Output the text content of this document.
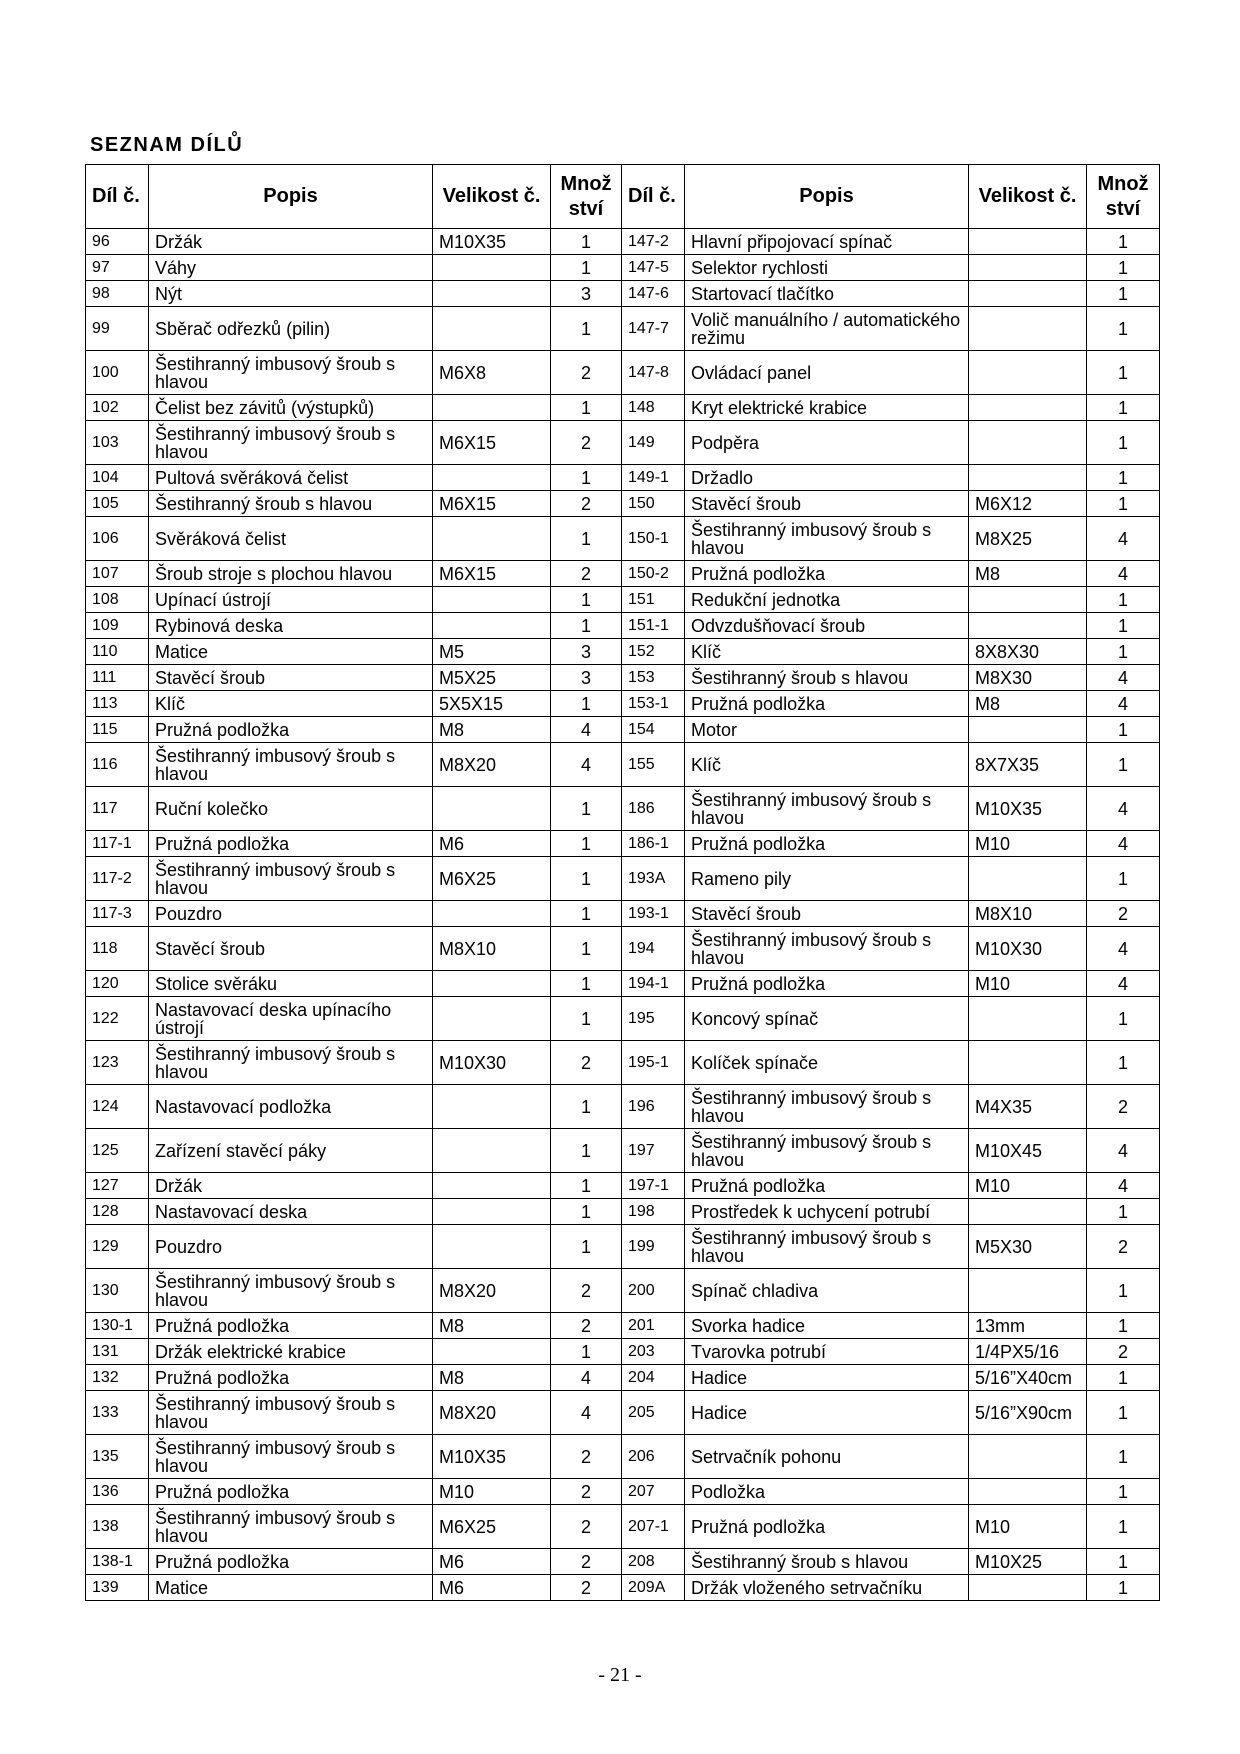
SEZNAM DÍLŮ
Díl č.	Popis	Velikost č.	Množ ství	Díl č.	Popis	Velikost č.	Množ ství
96	Držák	M10X35	1	147-2	Hlavní připojovací spínač		1
97	Váhy		1	147-5	Selektor rychlosti		1
98	Nýt		3	147-6	Startovací tlačítko		1
99	Sběrač odřezků (pilin)		1	147-7	Volič manuálního / automatického režimu		1
100	Šestihranný imbusový šroub s hlavou	M6X8	2	147-8	Ovládací panel		1
102	Čelist bez závitů (výstupků)		1	148	Kryt elektrické krabice		1
103	Šestihranný imbusový šroub s hlavou	M6X15	2	149	Podpěra		1
104	Pultová svěráková čelist		1	149-1	Držadlo		1
105	Šestihranný šroub s hlavou	M6X15	2	150	Stavěcí šroub	M6X12	1
106	Svěráková čelist		1	150-1	Šestihranný imbusový šroub s hlavou	M8X25	4
107	Šroub stroje s plochou hlavou	M6X15	2	150-2	Pružná podložka	M8	4
108	Upínací ústrojí		1	151	Redukční jednotka		1
109	Rybinová deska		1	151-1	Odvzdušňovací šroub		1
110	Matice	M5	3	152	Klíč	8X8X30	1
111	Stavěcí šroub	M5X25	3	153	Šestihranný šroub s hlavou	M8X30	4
113	Klíč	5X5X15	1	153-1	Pružná podložka	M8	4
115	Pružná podložka	M8	4	154	Motor		1
116	Šestihranný imbusový šroub s hlavou	M8X20	4	155	Klíč	8X7X35	1
117	Ruční kolečko		1	186	Šestihranný imbusový šroub s hlavou	M10X35	4
117-1	Pružná podložka	M6	1	186-1	Pružná podložka	M10	4
117-2	Šestihranný imbusový šroub s hlavou	M6X25	1	193A	Rameno pily		1
117-3	Pouzdro		1	193-1	Stavěcí šroub	M8X10	2
118	Stavěcí šroub	M8X10	1	194	Šestihranný imbusový šroub s hlavou	M10X30	4
120	Stolice svěráku		1	194-1	Pružná podložka	M10	4
122	Nastavovací deska upínacího ústrojí		1	195	Koncový spínač		1
123	Šestihranný imbusový šroub s hlavou	M10X30	2	195-1	Kolíček spínače		1
124	Nastavovací podložka		1	196	Šestihranný imbusový šroub s hlavou	M4X35	2
125	Zařízení stavěcí páky		1	197	Šestihranný imbusový šroub s hlavou	M10X45	4
127	Držák		1	197-1	Pružná podložka	M10	4
128	Nastavovací deska		1	198	Prostředek k uchycení potrubí		1
129	Pouzdro		1	199	Šestihranný imbusový šroub s hlavou	M5X30	2
130	Šestihranný imbusový šroub s hlavou	M8X20	2	200	Spínač chladiva		1
130-1	Pružná podložka	M8	2	201	Svorka hadice	13mm	1
131	Držák elektrické krabice		1	203	Tvarovka potrubí	1/4PX5/16	2
132	Pružná podložka	M8	4	204	Hadice	5/16”X40cm	1
133	Šestihranný imbusový šroub s hlavou	M8X20	4	205	Hadice	5/16”X90cm	1
135	Šestihranný imbusový šroub s hlavou	M10X35	2	206	Setrvačník pohonu		1
136	Pružná podložka	M10	2	207	Podložka		1
138	Šestihranný imbusový šroub s hlavou	M6X25	2	207-1	Pružná podložka	M10	1
138-1	Pružná podložka	M6	2	208	Šestihranný šroub s hlavou	M10X25	1
139	Matice	M6	2	209A	Držák vloženého setrvačníku		1

- 21 -
